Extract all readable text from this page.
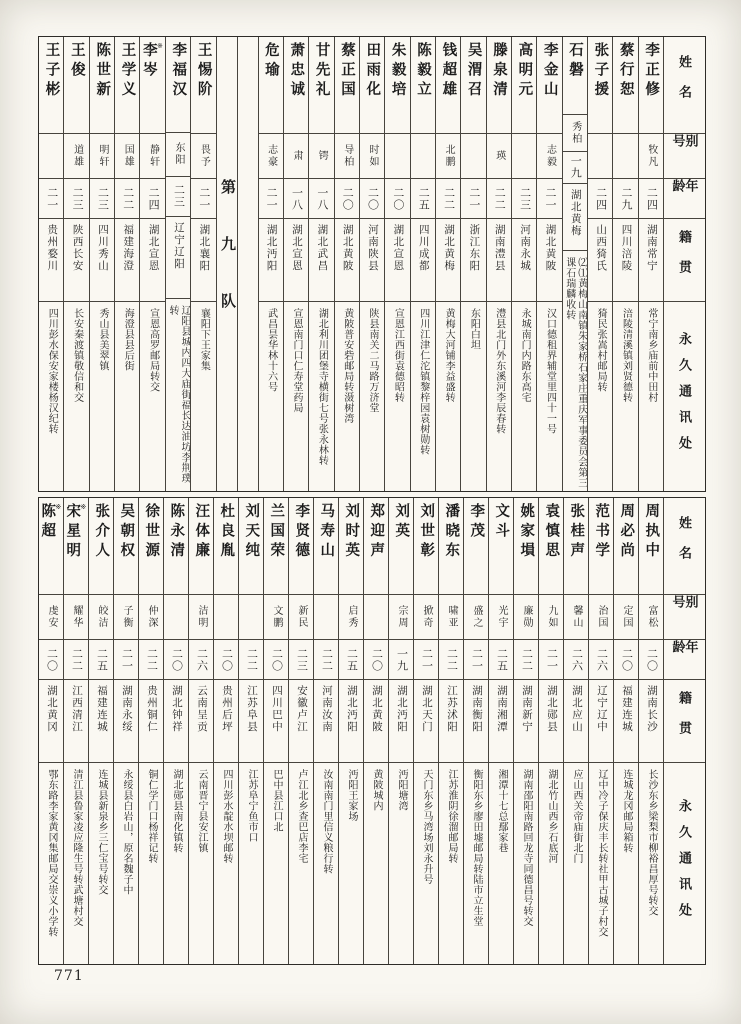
姓名
别号
年龄
籍贯
永久通讯处
李正修
牧凡
二四
湖南常宁
常宁南乡庙前中田村
蔡行恕
二九
四川涪陵
涪陵清溪镇刘贤德转
张子援
二四
山西猗氏
猗民张嵩村邮局转
石磐
秀柏
一九
湖北黄梅
⑵⑴黄梅山南镇朱家桥石家庄重庆军事委员会第三课石瑞麟收转
李金山
志毅
二一
湖北黄陂
汉口德租界辅堂里四十一号
高明元
二三
河南永城
永城南门内路东高宅
滕泉清
瑛
二二
湖南澧县
澧县北门外东溪河李辰春转
吴渭召
二一
浙江东阳
东阳白坦
钱超雄
北鹏
二二
湖北黄梅
黄梅大河铺李益盛转
陈毅立
二五
四川成都
四川江津仁沱镇黎梓园袁树勋转
朱毅培
二〇
湖北宣恩
宣恩江西街袁德昭转
田雨化
时如
二〇
河南陕县
陕县南关二马路万济堂
蔡正国
导柏
二〇
湖北黄陂
黄陂普安砦邮局转滠树湾
甘先礼
锷
一八
湖北武昌
湖北利川团堡寺横街七号张永林转
萧忠诚
肃
一八
湖北宣恩
宣恩南门口仁寿堂药局
危瑜
志豪
二一
湖北沔阳
武昌昙华林十六号
第九队
王惕阶
畏予
二一
湖北襄阳
襄阳下王家集
李福汉
东阳
二三
辽宁辽阳
辽阳县城内四大庙街福长达油坊李荆璞转
李岑 ※
静轩
二四
湖北宣恩
宣恩高罗邮局转交
王学义
国雄
二二
福建海澄
海澄县县后街
陈世新
明轩
二三
四川秀山
秀山县美翠镇
王俊
道雄
二三
陕西长安
长安秦渡镇敬信和交
王子彬
二一
贵州婺川
四川彭水保安家楼杨汉纪转
姓名
别号
年龄
籍贯
永久通讯处
周执中
富松
二〇
湖南长沙
长沙东乡梁梨市柳裕昌厚号转交
周必尚
定国
二〇
福建连城
连城龙冈邮局箱转
范书学
治国
二六
辽宁辽中
辽中冷子保庆丰长转社甲古城子村交
张桂声
馨山
二六
湖北应山
应山西关帝庙街北门
袁慎思
九如
二一
湖北郧县
湖北竹山西乡石底河
姚家塤
廉勋
二二
湖南新宁
湖南邵阳南路回龙寺同德昌号转交
文斗
光宇
二五
湖南湘潭
湘潭十七总鄢家巷
李茂
盛之
二一
湖南衡阳
衡阳东乡廖田墟邮局转陆市立生堂
潘晓东
啸亚
二二
江苏沭阳
江苏淮阴徐溜邮局转
刘世彰
掀奇
二一
湖北天门
天门东乡马湾场刘永升号
刘英
宗周
一九
湖北沔阳
沔阳塘湾
郑迎声
二〇
湖北黄陂
黄陂城内
刘时英
启秀
二五
湖北沔阳
沔阳王家场
马寿山
二二
河南汝南
汝南南门里信义粮行转
李贤德
新民
二三
安徽卢江
卢江北乡查巴店李宅
兰国荣
文鹏
二〇
四川巴中
巴中县江口北
刘天纯
二二
江苏阜县
江苏阜宁鱼市口
杜良胤
二〇
贵州后坪
四川彭水靛水坝邮转
汪体廉
洁明
二六
云南呈贡
云南晋宁县安江镇
陈永清
二〇
湖北钟祥
湖北郧县南化镇转
徐世源
仲深
二二
贵州铜仁
铜仁学门口杨祥记转
吴朝权
子衡
二一
湖南永绥
永绥县白岩山，原名魏子中
张介人
皎洁
二五
福建连城
连城县新泉乡三仁宝号转交
宋星明 ※
耀华
二二
江西清江
清江县鲁家凌应隆生号转武塘村交
陈超 ※
虔安
二〇
湖北黄冈
鄂东路李家黄冈集邮局交崇义小学转
771
